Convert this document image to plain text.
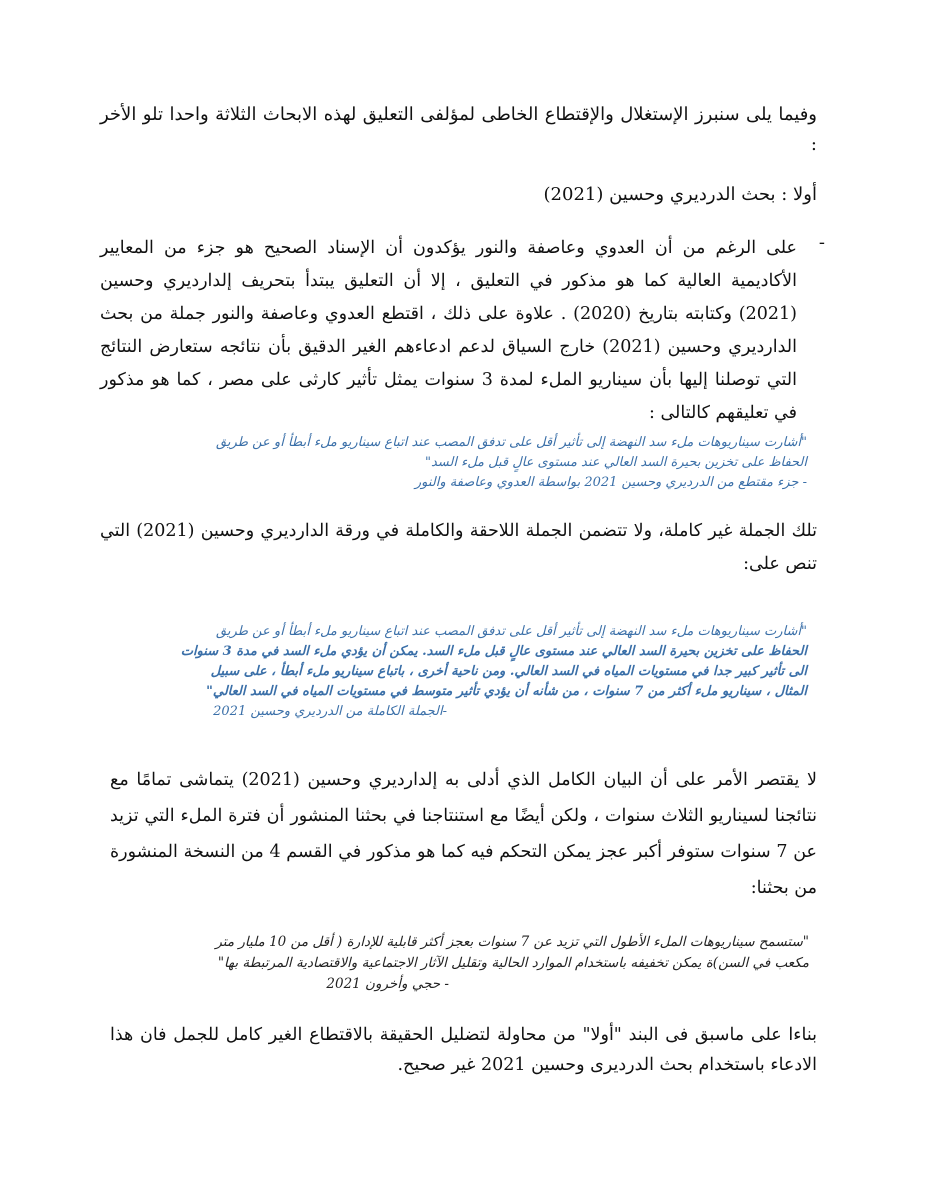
وفيما يلى سنبرز الإستغلال والإقتطاع الخاطى لمؤلفى التعليق لهذه الابحاث الثلاثة واحدا تلو الأخر :

أولا : بحث الدرديري وحسين (2021)

-

على الرغم من أن العدوي وعاصفة والنور يؤكدون أن الإسناد الصحيح هو جزء من المعايير الأكاديمية العالية كما هو مذكور في التعليق ، إلا أن التعليق يبتدأ بتحريف إلداردیري وحسين (2021) وكتابته بتاريخ (2020) . علاوة على ذلك ، اقتطع العدوي وعاصفة والنور جملة من بحث الداردیري وحسين (2021) خارج السياق لدعم ادعاءهم الغير الدقيق بأن نتائجه ستعارض النتائج التي توصلنا إليها بأن سيناريو الملء لمدة 3 سنوات يمثل تأثير كارثى على مصر ، كما هو مذكور في تعليقهم كالتالى :

"أشارت سيناريوهات ملء سد النهضة إلى تأثير أقل على تدفق المصب عند اتباع سيناريو ملء أبطأ أو عن طريق
الحفاظ على تخزين بحيرة السد العالي عند مستوى عالٍ قبل ملء السد"
- جزء مقتطع من الدرديري وحسين 2021 بواسطة العدوي وعاصفة والنور

تلك الجملة غير كاملة، ولا تتضمن الجملة اللاحقة والكاملة في ورقة الداردیري وحسين (2021) التي تنص على:

"أشارت سيناريوهات ملء سد النهضة إلى تأثير أقل على تدفق المصب عند اتباع سيناريو ملء أبطأ أو عن طريق
الحفاظ على تخزين بحيرة السد العالي عند مستوى عالٍ قبل ملء السد. يمكن أن يؤدي ملء السد في مدة 3 سنوات
الى تأثير كبير جدا في مستويات المياه في السد العالي. ومن ناحية أخرى ، باتباع سيناريو ملء أبطأ ، على سبيل
المثال ، سيناريو ملء أكثر من 7 سنوات ، من شأنه أن يؤدي تأثير متوسط في مستويات المياه في السد العالي"
-الجملة الكاملة من الدرديري وحسين 2021

لا يقتصر الأمر على أن البيان الكامل الذي أدلى به إلداردیري وحسين (2021) يتماشى تمامًا مع نتائجنا لسيناريو الثلاث سنوات ، ولكن أيضًا مع استنتاجنا في بحثنا المنشور أن فترة الملء التي تزيد عن 7 سنوات ستوفر أكبر عجز يمكن التحكم فيه كما هو مذكور في القسم 4 من النسخة المنشورة من بحثنا:

"ستسمح سيناريوهات الملء الأطول التي تزيد عن 7 سنوات بعجز أكثر قابلية للإدارة ( أقل من 10 مليار متر
مكعب في السن)ة يمكن تخفيفه باستخدام الموارد الحالية وتقليل الآثار الاجتماعية والاقتصادية المرتبطة بها"
- حجي وأخرون 2021

بناءا على ماسبق فى البند "أولا" من محاولة لتضليل الحقيقة بالاقتطاع الغير كامل للجمل فان هذا الادعاء باستخدام بحث الدرديرى وحسين 2021 غير صحيح.
